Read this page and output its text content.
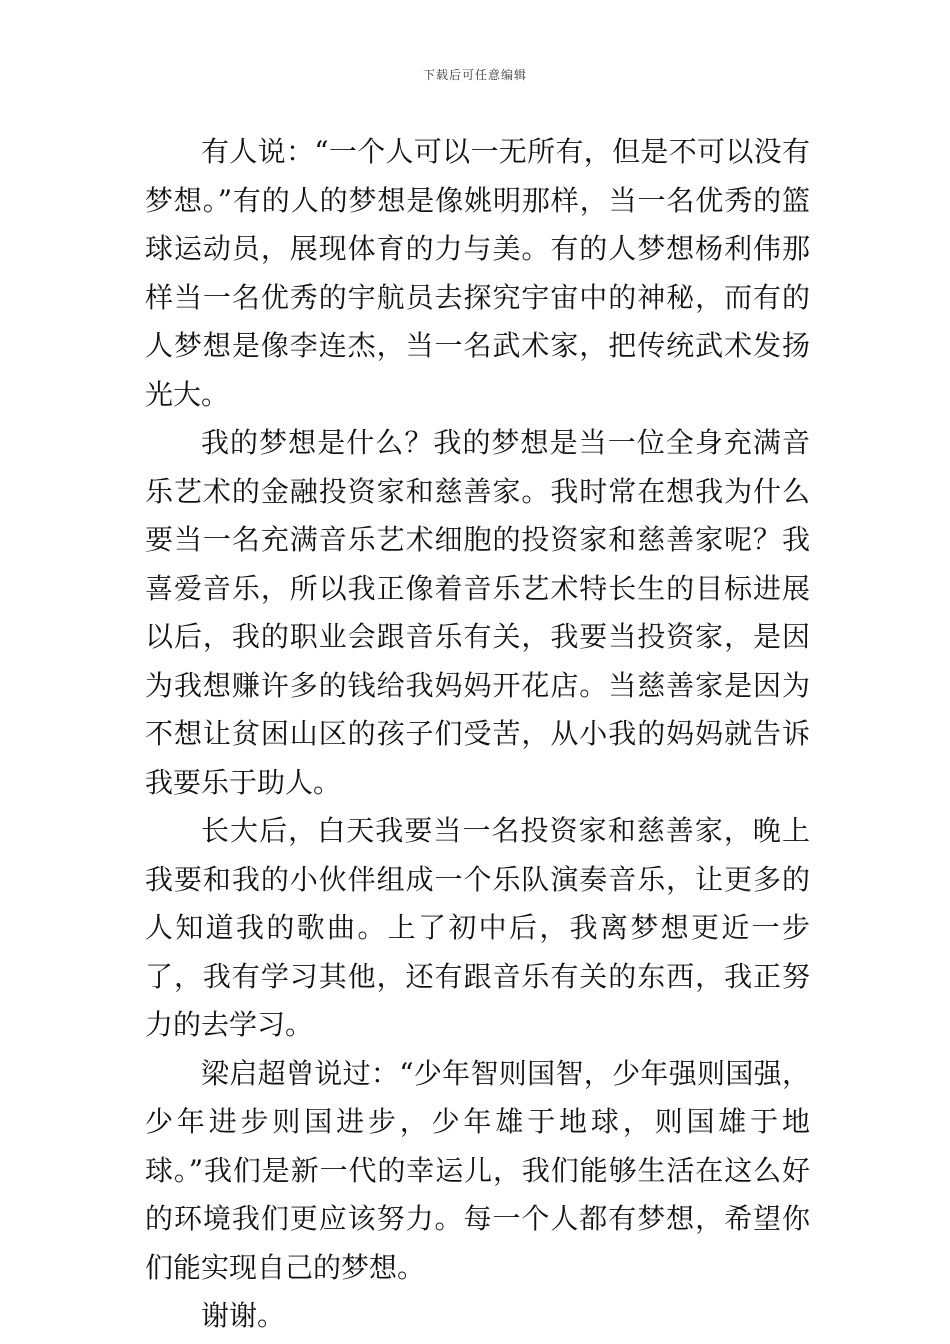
下载后可任意编辑

有人说：“一个人可以一无所有，但是不可以没有梦想。”有的人的梦想是像姚明那样，当一名优秀的篮球运动员，展现体育的力与美。有的人梦想杨利伟那样当一名优秀的宇航员去探究宇宙中的神秘，而有的人梦想是像李连杰，当一名武术家，把传统武术发扬光大。

我的梦想是什么？我的梦想是当一位全身充满音乐艺术的金融投资家和慈善家。我时常在想我为什么要当一名充满音乐艺术细胞的投资家和慈善家呢？我喜爱音乐，所以我正像着音乐艺术特长生的目标进展以后，我的职业会跟音乐有关，我要当投资家，是因为我想赚许多的钱给我妈妈开花店。当慈善家是因为不想让贫困山区的孩子们受苦，从小我的妈妈就告诉我要乐于助人。

长大后，白天我要当一名投资家和慈善家，晚上我要和我的小伙伴组成一个乐队演奏音乐，让更多的人知道我的歌曲。上了初中后，我离梦想更近一步了，我有学习其他，还有跟音乐有关的东西，我正努力的去学习。

梁启超曾说过：“少年智则国智，少年强则国强，少年进步则国进步，少年雄于地球，则国雄于地球。”我们是新一代的幸运儿，我们能够生活在这么好的环境我们更应该努力。每一个人都有梦想，希望你们能实现自己的梦想。

谢谢。
